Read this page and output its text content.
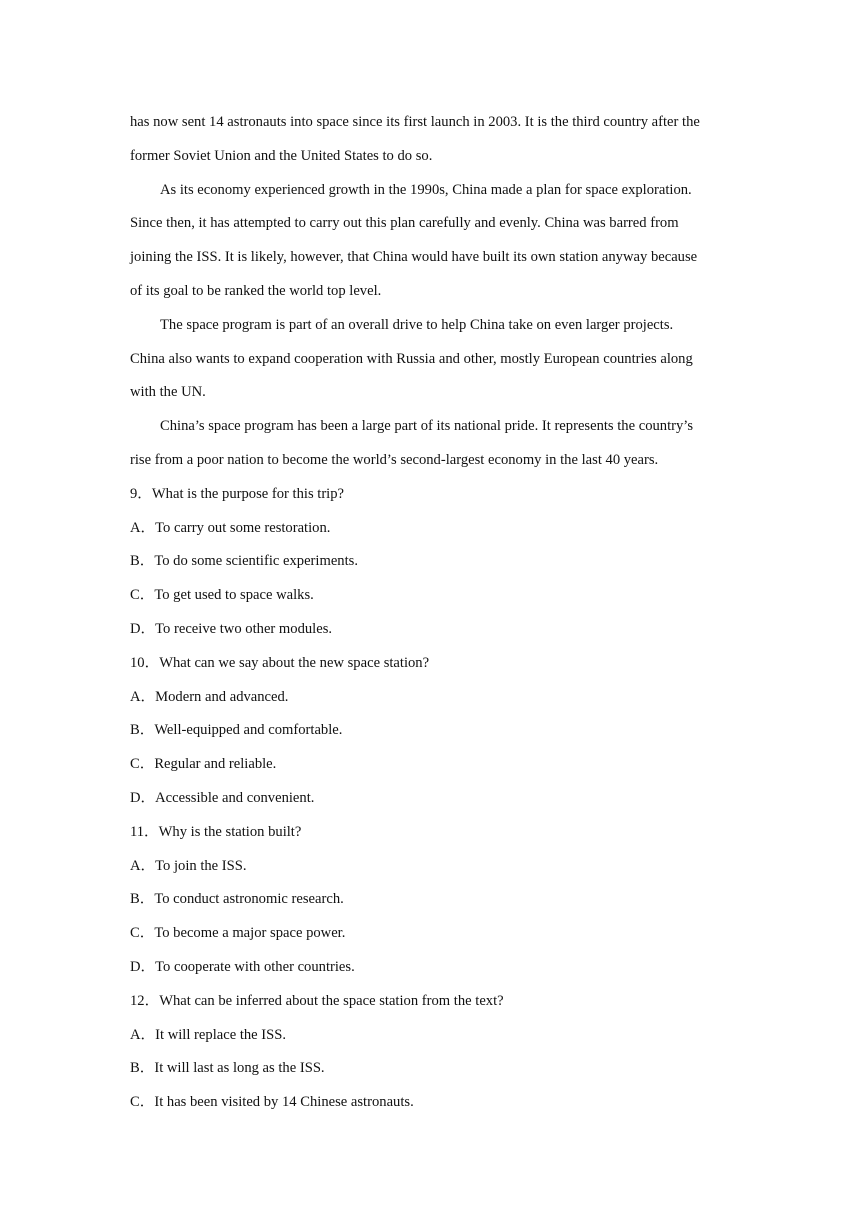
has now sent 14 astronauts into space since its first launch in 2003. It is the third country after the
former Soviet Union and the United States to do so.
As its economy experienced growth in the 1990s, China made a plan for space exploration.
Since then, it has attempted to carry out this plan carefully and evenly. China was barred from
joining the ISS. It is likely, however, that China would have built its own station anyway because
of its goal to be ranked the world top level.
The space program is part of an overall drive to help China take on even larger projects.
China also wants to expand cooperation with Russia and other, mostly European countries along
with the UN.
China’s space program has been a large part of its national pride. It represents the country’s
rise from a poor nation to become the world’s second-largest economy in the last 40 years.
9．What is the purpose for this trip?
A．To carry out some restoration.
B．To do some scientific experiments.
C．To get used to space walks.
D．To receive two other modules.
10．What can we say about the new space station?
A．Modern and advanced.
B．Well-equipped and comfortable.
C．Regular and reliable.
D．Accessible and convenient.
11．Why is the station built?
A．To join the ISS.
B．To conduct astronomic research.
C．To become a major space power.
D．To cooperate with other countries.
12．What can be inferred about the space station from the text?
A．It will replace the ISS.
B．It will last as long as the ISS.
C．It has been visited by 14 Chinese astronauts.
